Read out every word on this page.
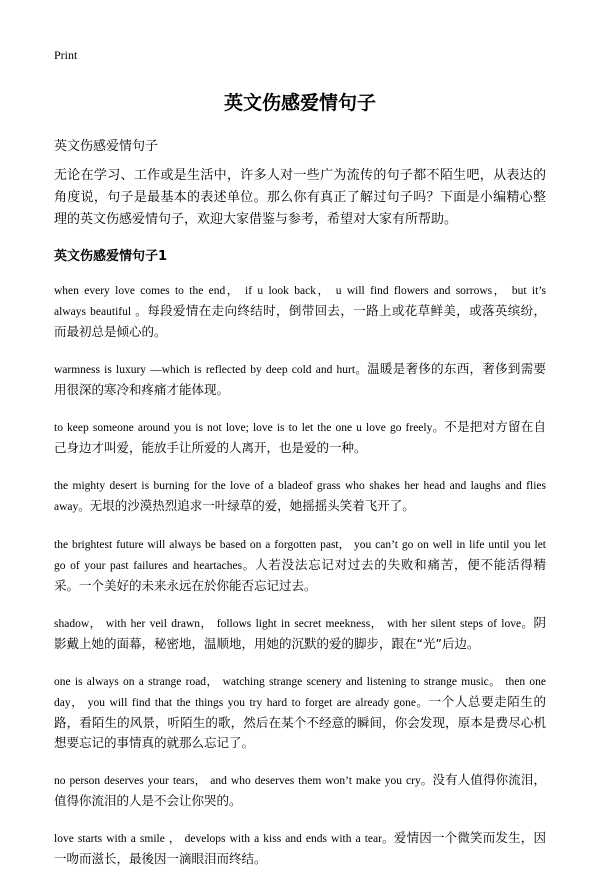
Print
英文伤感爱情句子
英文伤感爱情句子

无论在学习、工作或是生活中，许多人对一些广为流传的句子都不陌生吧，从表达的角度说，句子是最基本的表述单位。那么你有真正了解过句子吗？下面是小编精心整理的英文伤感爱情句子，欢迎大家借鉴与参考，希望对大家有所帮助。

英文伤感爱情句子1

when every love comes to the end， if u look back， u will find flowers and sorrows， but it’s always beautiful 。每段爱情在走向终结时，倒带回去，一路上或花草鲜美，或落英缤纷，而最初总是倾心的。

warmness is luxury —which is reflected by deep cold and hurt。温暖是奢侈的东西，奢侈到需要用很深的寒冷和疼痛才能体现。

to keep someone around you is not love; love is to let the one u love go freely。不是把对方留在自己身边才叫爱，能放手让所爱的人离开，也是爱的一种。

the mighty desert is burning for the love of a bladeof grass who shakes her head and laughs and flies away。无垠的沙漠热烈追求一叶绿草的爱，她摇摇头笑着飞开了。

the brightest future will always be based on a forgotten past， you can’t go on well in life until you let go of your past failures and heartaches。人若没法忘记对过去的失败和痛苦，便不能活得精采。一个美好的未来永远在於你能否忘记过去。

shadow， with her veil drawn， follows light in secret meekness， with her silent steps of love。阴影戴上她的面幕，秘密地，温顺地，用她的沉默的爱的脚步，跟在“光”后边。

one is always on a strange road， watching strange scenery and listening to strange music。 then one day， you will find that the things you try hard to forget are already gone。一个人总要走陌生的路，看陌生的风景，听陌生的歌，然后在某个不经意的瞬间，你会发现，原本是费尽心机想要忘记的事情真的就那么忘记了。

no person deserves your tears， and who deserves them won’t make you cry。没有人值得你流泪，值得你流泪的人是不会让你哭的。

love starts with a smile ， develops with a kiss and ends with a tear。爱情因一个微笑而发生，因一吻而滋长，最後因一滴眼泪而终结。
